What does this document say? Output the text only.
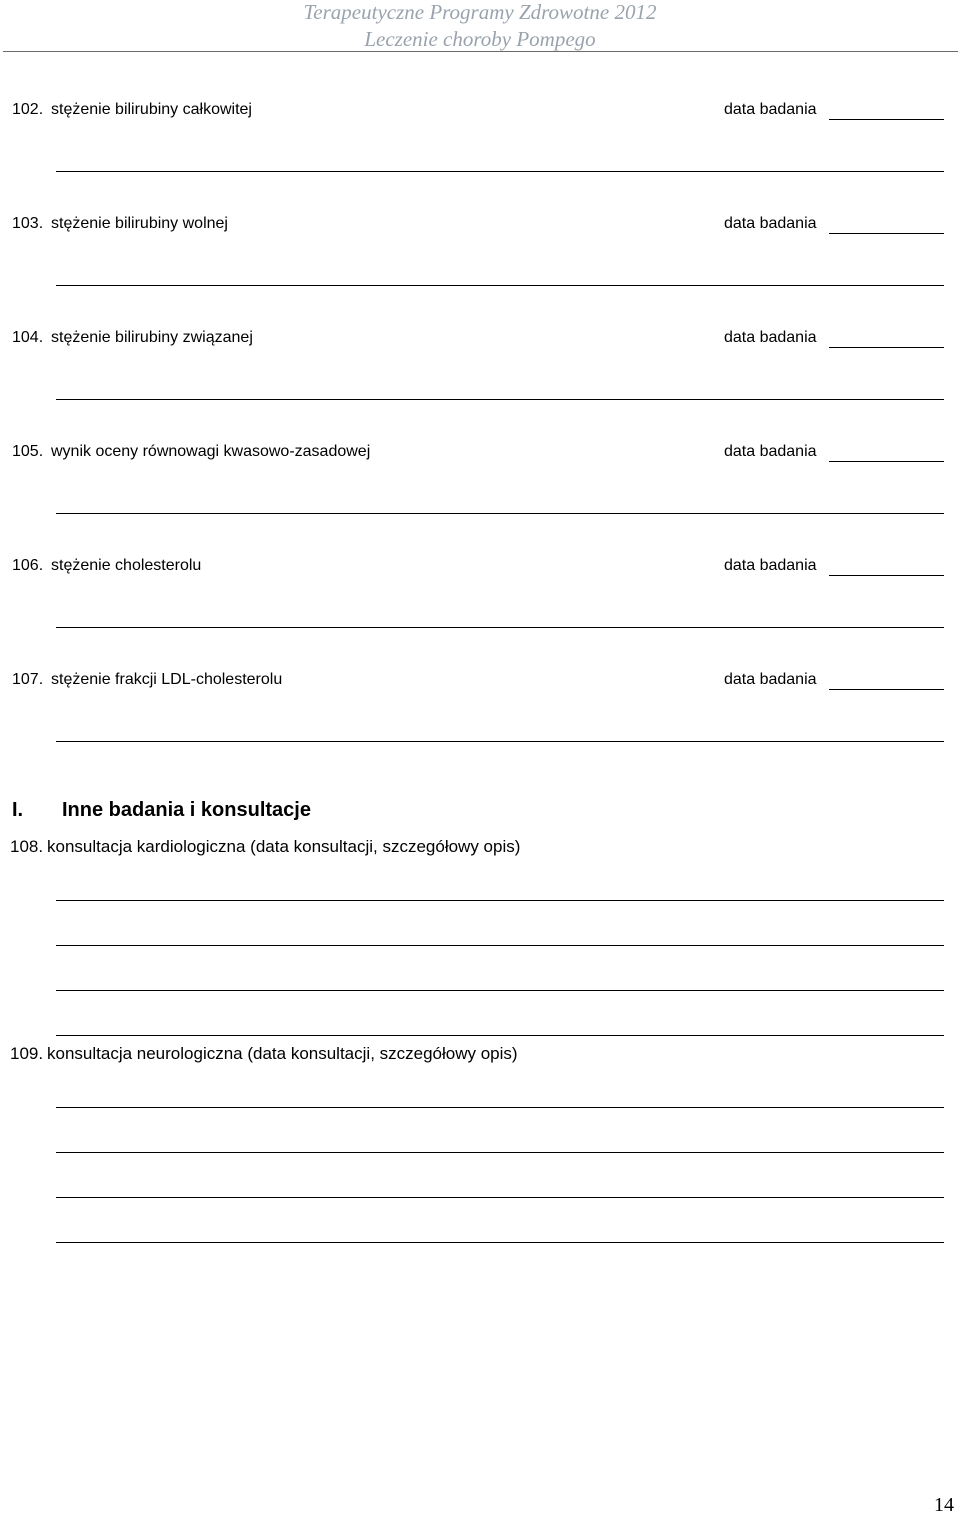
Terapeutyczne Programy Zdrowotne 2012
Leczenie choroby Pompego
102. stężenie bilirubiny całkowitej	data badania
103. stężenie bilirubiny wolnej	data badania
104. stężenie bilirubiny związanej	data badania
105. wynik oceny równowagi kwasowo-zasadowej	data badania
106. stężenie cholesterolu	data badania
107. stężenie frakcji LDL-cholesterolu	data badania
I. Inne badania i konsultacje
108. konsultacja kardiologiczna (data konsultacji, szczegółowy opis)
109. konsultacja neurologiczna (data konsultacji, szczegółowy opis)
14
